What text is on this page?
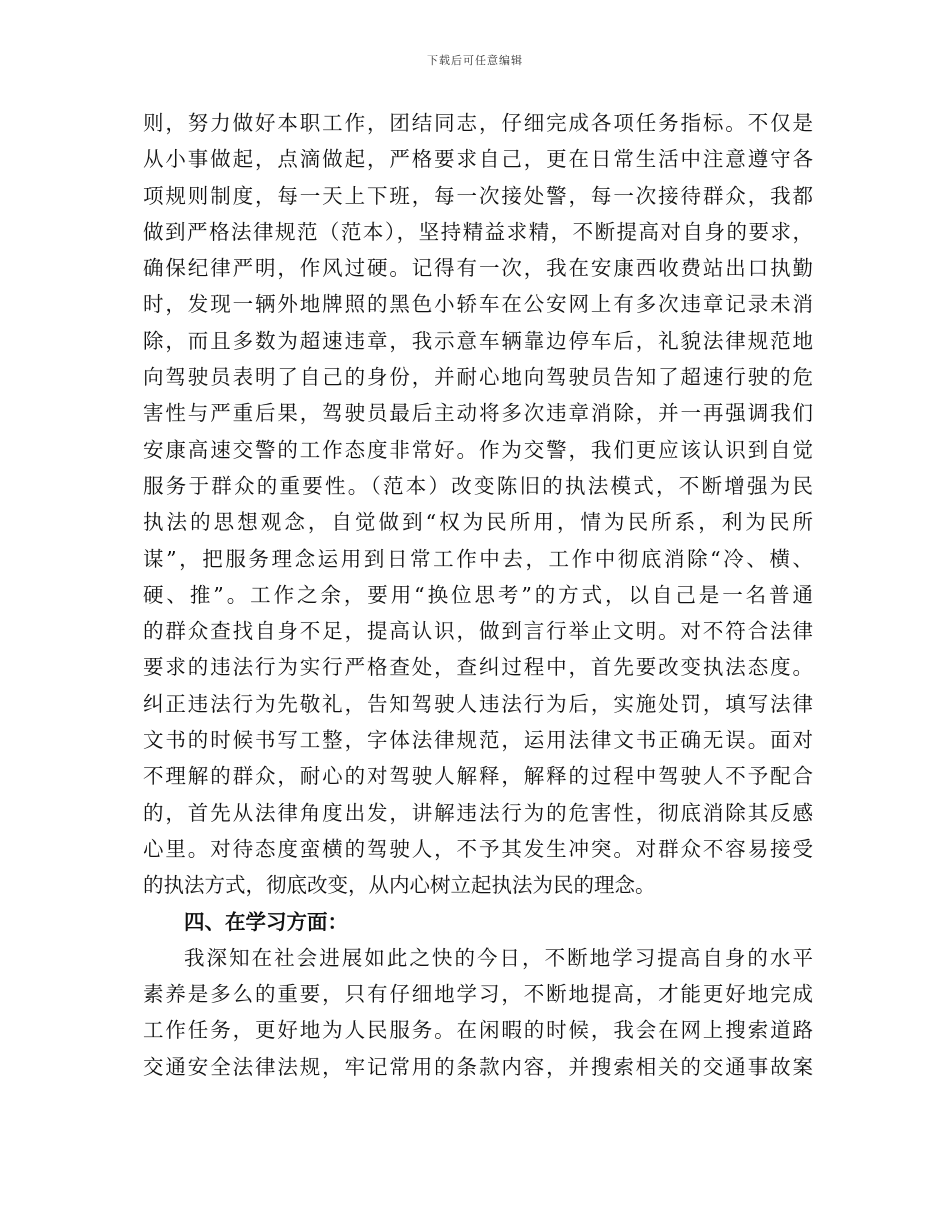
下载后可任意编辑
则，努力做好本职工作，团结同志，仔细完成各项任务指标。不仅是
从小事做起，点滴做起，严格要求自己，更在日常生活中注意遵守各
项规则制度，每一天上下班，每一次接处警，每一次接待群众，我都
做到严格法律规范（范本），坚持精益求精，不断提高对自身的要求，
确保纪律严明，作风过硬。记得有一次，我在安康西收费站出口执勤
时，发现一辆外地牌照的黑色小轿车在公安网上有多次违章记录未消
除，而且多数为超速违章，我示意车辆靠边停车后，礼貌法律规范地
向驾驶员表明了自己的身份，并耐心地向驾驶员告知了超速行驶的危
害性与严重后果，驾驶员最后主动将多次违章消除，并一再强调我们
安康高速交警的工作态度非常好。作为交警，我们更应该认识到自觉
服务于群众的重要性。（范本）改变陈旧的执法模式，不断增强为民
执法的思想观念，自觉做到“权为民所用，情为民所系，利为民所
谋”，把服务理念运用到日常工作中去，工作中彻底消除“冷、横、
硬、推”。工作之余，要用“换位思考”的方式，以自己是一名普通
的群众查找自身不足，提高认识，做到言行举止文明。对不符合法律
要求的违法行为实行严格查处，查纠过程中，首先要改变执法态度。
纠正违法行为先敬礼，告知驾驶人违法行为后，实施处罚，填写法律
文书的时候书写工整，字体法律规范，运用法律文书正确无误。面对
不理解的群众，耐心的对驾驶人解释，解释的过程中驾驶人不予配合
的，首先从法律角度出发，讲解违法行为的危害性，彻底消除其反感
心里。对待态度蛮横的驾驶人，不予其发生冲突。对群众不容易接受
的执法方式，彻底改变，从内心树立起执法为民的理念。
四、在学习方面：
我深知在社会进展如此之快的今日，不断地学习提高自身的水平
素养是多么的重要，只有仔细地学习，不断地提高，才能更好地完成
工作任务，更好地为人民服务。在闲暇的时候，我会在网上搜索道路
交通安全法律法规，牢记常用的条款内容，并搜索相关的交通事故案
